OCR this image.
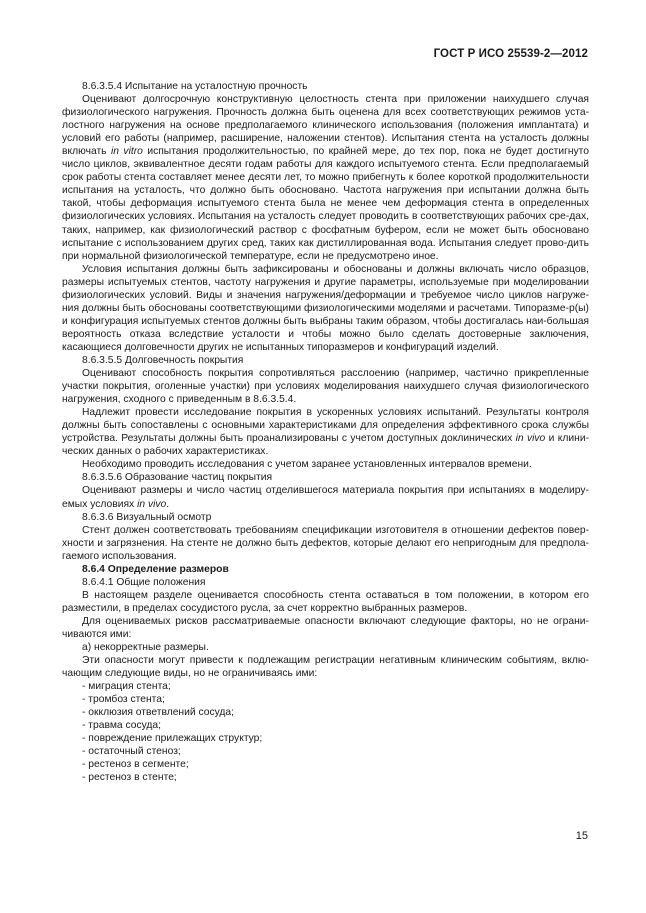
ГОСТ Р ИСО 25539-2—2012

8.6.3.5.4 Испытание на усталостную прочность

Оценивают долгосрочную конструктивную целостность стента при приложении наихудшего случая физиологического нагружения. Прочность должна быть оценена для всех соответствующих режимов уста-лостного нагружения на основе предполагаемого клинического использования (положения имплантата) и условий его работы (например, расширение, наложении стентов). Испытания стента на усталость должны включать in vitro испытания продолжительностью, по крайней мере, до тех пор, пока не будет достигнуто число циклов, эквивалентное десяти годам работы для каждого испытуемого стента. Если предполагаемый срок работы стента составляет менее десяти лет, то можно прибегнуть к более короткой продолжительности испытания на усталость, что должно быть обосновано. Частота нагружения при испытании должна быть такой, чтобы деформация испытуемого стента была не менее чем деформация стента в определенных физиологических условиях. Испытания на усталость следует проводить в соответствующих рабочих сре-дах, таких, например, как физиологический раствор с фосфатным буфером, если не может быть обосновано испытание с использованием других сред, таких как дистиллированная вода. Испытания следует прово-дить при нормальной физиологической температуре, если не предусмотрено иное.

Условия испытания должны быть зафиксированы и обоснованы и должны включать число образцов, размеры испытуемых стентов, частоту нагружения и другие параметры, используемые при моделировании физиологических условий. Виды и значения нагружения/деформации и требуемое число циклов нагруже-ния должны быть обоснованы соответствующими физиологическими моделями и расчетами. Типоразме-р(ы) и конфигурация испытуемых стентов должны быть выбраны таким образом, чтобы достигалась наи-большая вероятность отказа вследствие усталости и чтобы можно было сделать достоверные заключения, касающиеся долговечности других не испытанных типоразмеров и конфигураций изделий.

8.6.3.5.5 Долговечность покрытия

Оценивают способность покрытия сопротивляться расслоению (например, частично прикрепленные участки покрытия, оголенные участки) при условиях моделирования наихудшего случая физиологического нагружения, сходного с приведенным в 8.6.3.5.4.

Надлежит провести исследование покрытия в ускоренных условиях испытаний. Результаты контроля должны быть сопоставлены с основными характеристиками для определения эффективного срока службы устройства. Результаты должны быть проанализированы с учетом доступных доклинических in vivo и клини-ческих данных о рабочих характеристиках.

Необходимо проводить исследования с учетом заранее установленных интервалов времени.

8.6.3.5.6 Образование частиц покрытия

Оценивают размеры и число частиц отделившегося материала покрытия при испытаниях в моделиру-емых условиях in vivo.

8.6.3.6 Визуальный осмотр

Стент должен соответствовать требованиям спецификации изготовителя в отношении дефектов повер-хности и загрязнения. На стенте не должно быть дефектов, которые делают его непригодным для предпола-гаемого использования.

8.6.4 Определение размеров

8.6.4.1 Общие положения

В настоящем разделе оценивается способность стента оставаться в том положении, в котором его разместили, в пределах сосудистого русла, за счет корректно выбранных размеров.

Для оцениваемых рисков рассматриваемые опасности включают следующие факторы, но не ограни-чиваются ими:

а) некорректные размеры.

Эти опасности могут привести к подлежащим регистрации негативным клиническим событиям, вклю-чающим следующие виды, но не ограничиваясь ими:

- миграция стента;

- тромбоз стента;

- окклюзия ответвлений сосуда;

- травма сосуда;

- повреждение прилежащих структур;

- остаточный стеноз;

- рестеноз в сегменте;

- рестеноз в стенте;

15
